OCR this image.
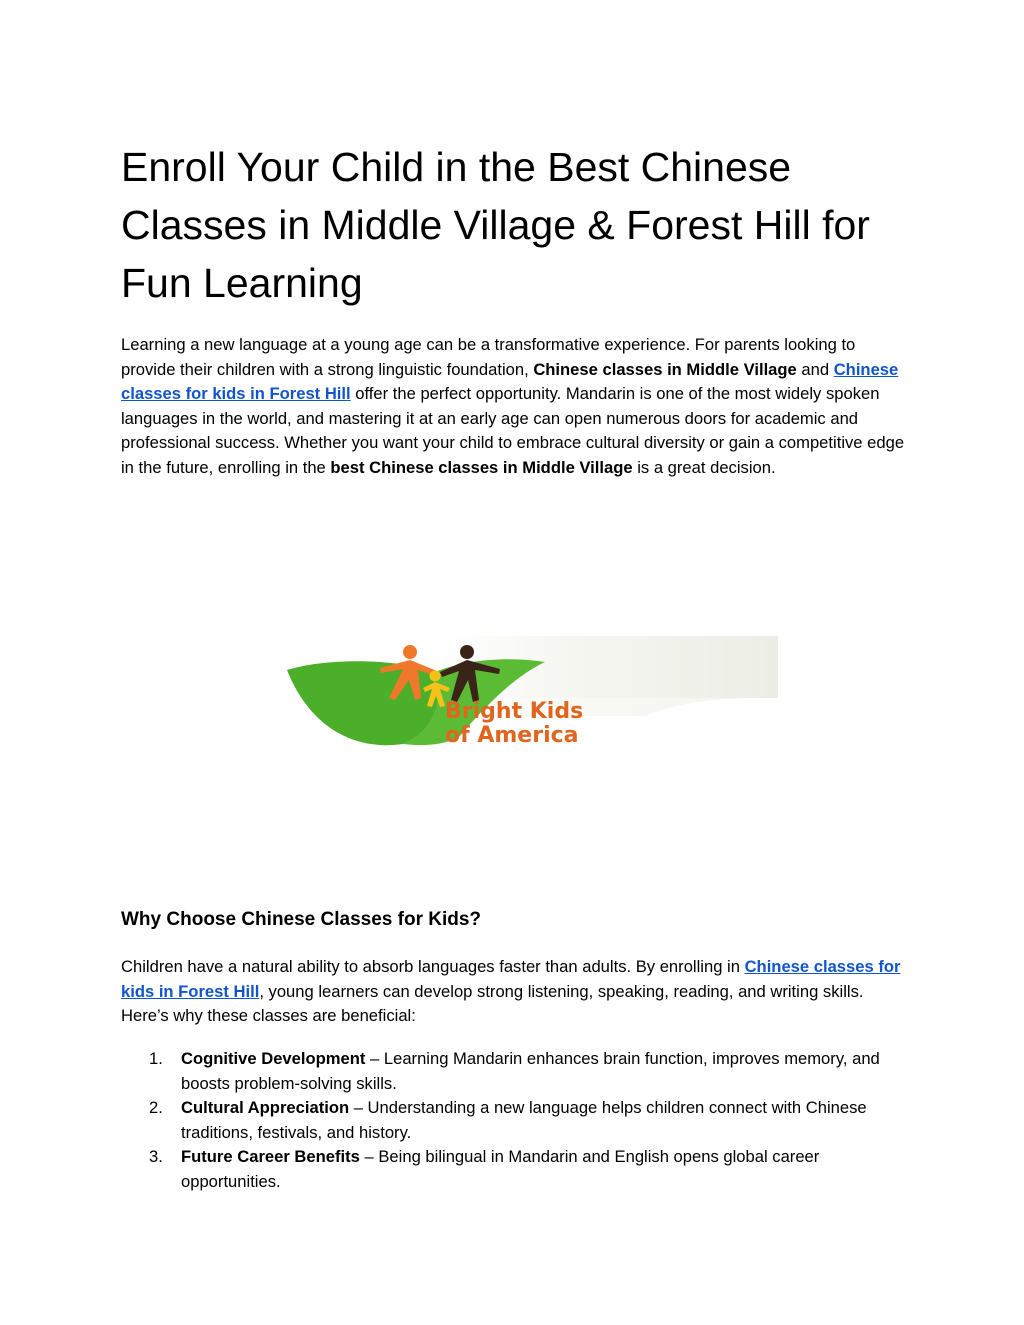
Enroll Your Child in the Best Chinese Classes in Middle Village & Forest Hill for Fun Learning

Learning a new language at a young age can be a transformative experience. For parents looking to provide their children with a strong linguistic foundation, Chinese classes in Middle Village and Chinese classes for kids in Forest Hill offer the perfect opportunity. Mandarin is one of the most widely spoken languages in the world, and mastering it at an early age can open numerous doors for academic and professional success. Whether you want your child to embrace cultural diversity or gain a competitive edge in the future, enrolling in the best Chinese classes in Middle Village is a great decision.

Bright Kids
of America
Why Choose Chinese Classes for Kids?

Children have a natural ability to absorb languages faster than adults. By enrolling in Chinese classes for kids in Forest Hill, young learners can develop strong listening, speaking, reading, and writing skills. Here’s why these classes are beneficial:

1. Cognitive Development – Learning Mandarin enhances brain function, improves memory, and boosts problem-solving skills.
2. Cultural Appreciation – Understanding a new language helps children connect with Chinese traditions, festivals, and history.
3. Future Career Benefits – Being bilingual in Mandarin and English opens global career opportunities.
